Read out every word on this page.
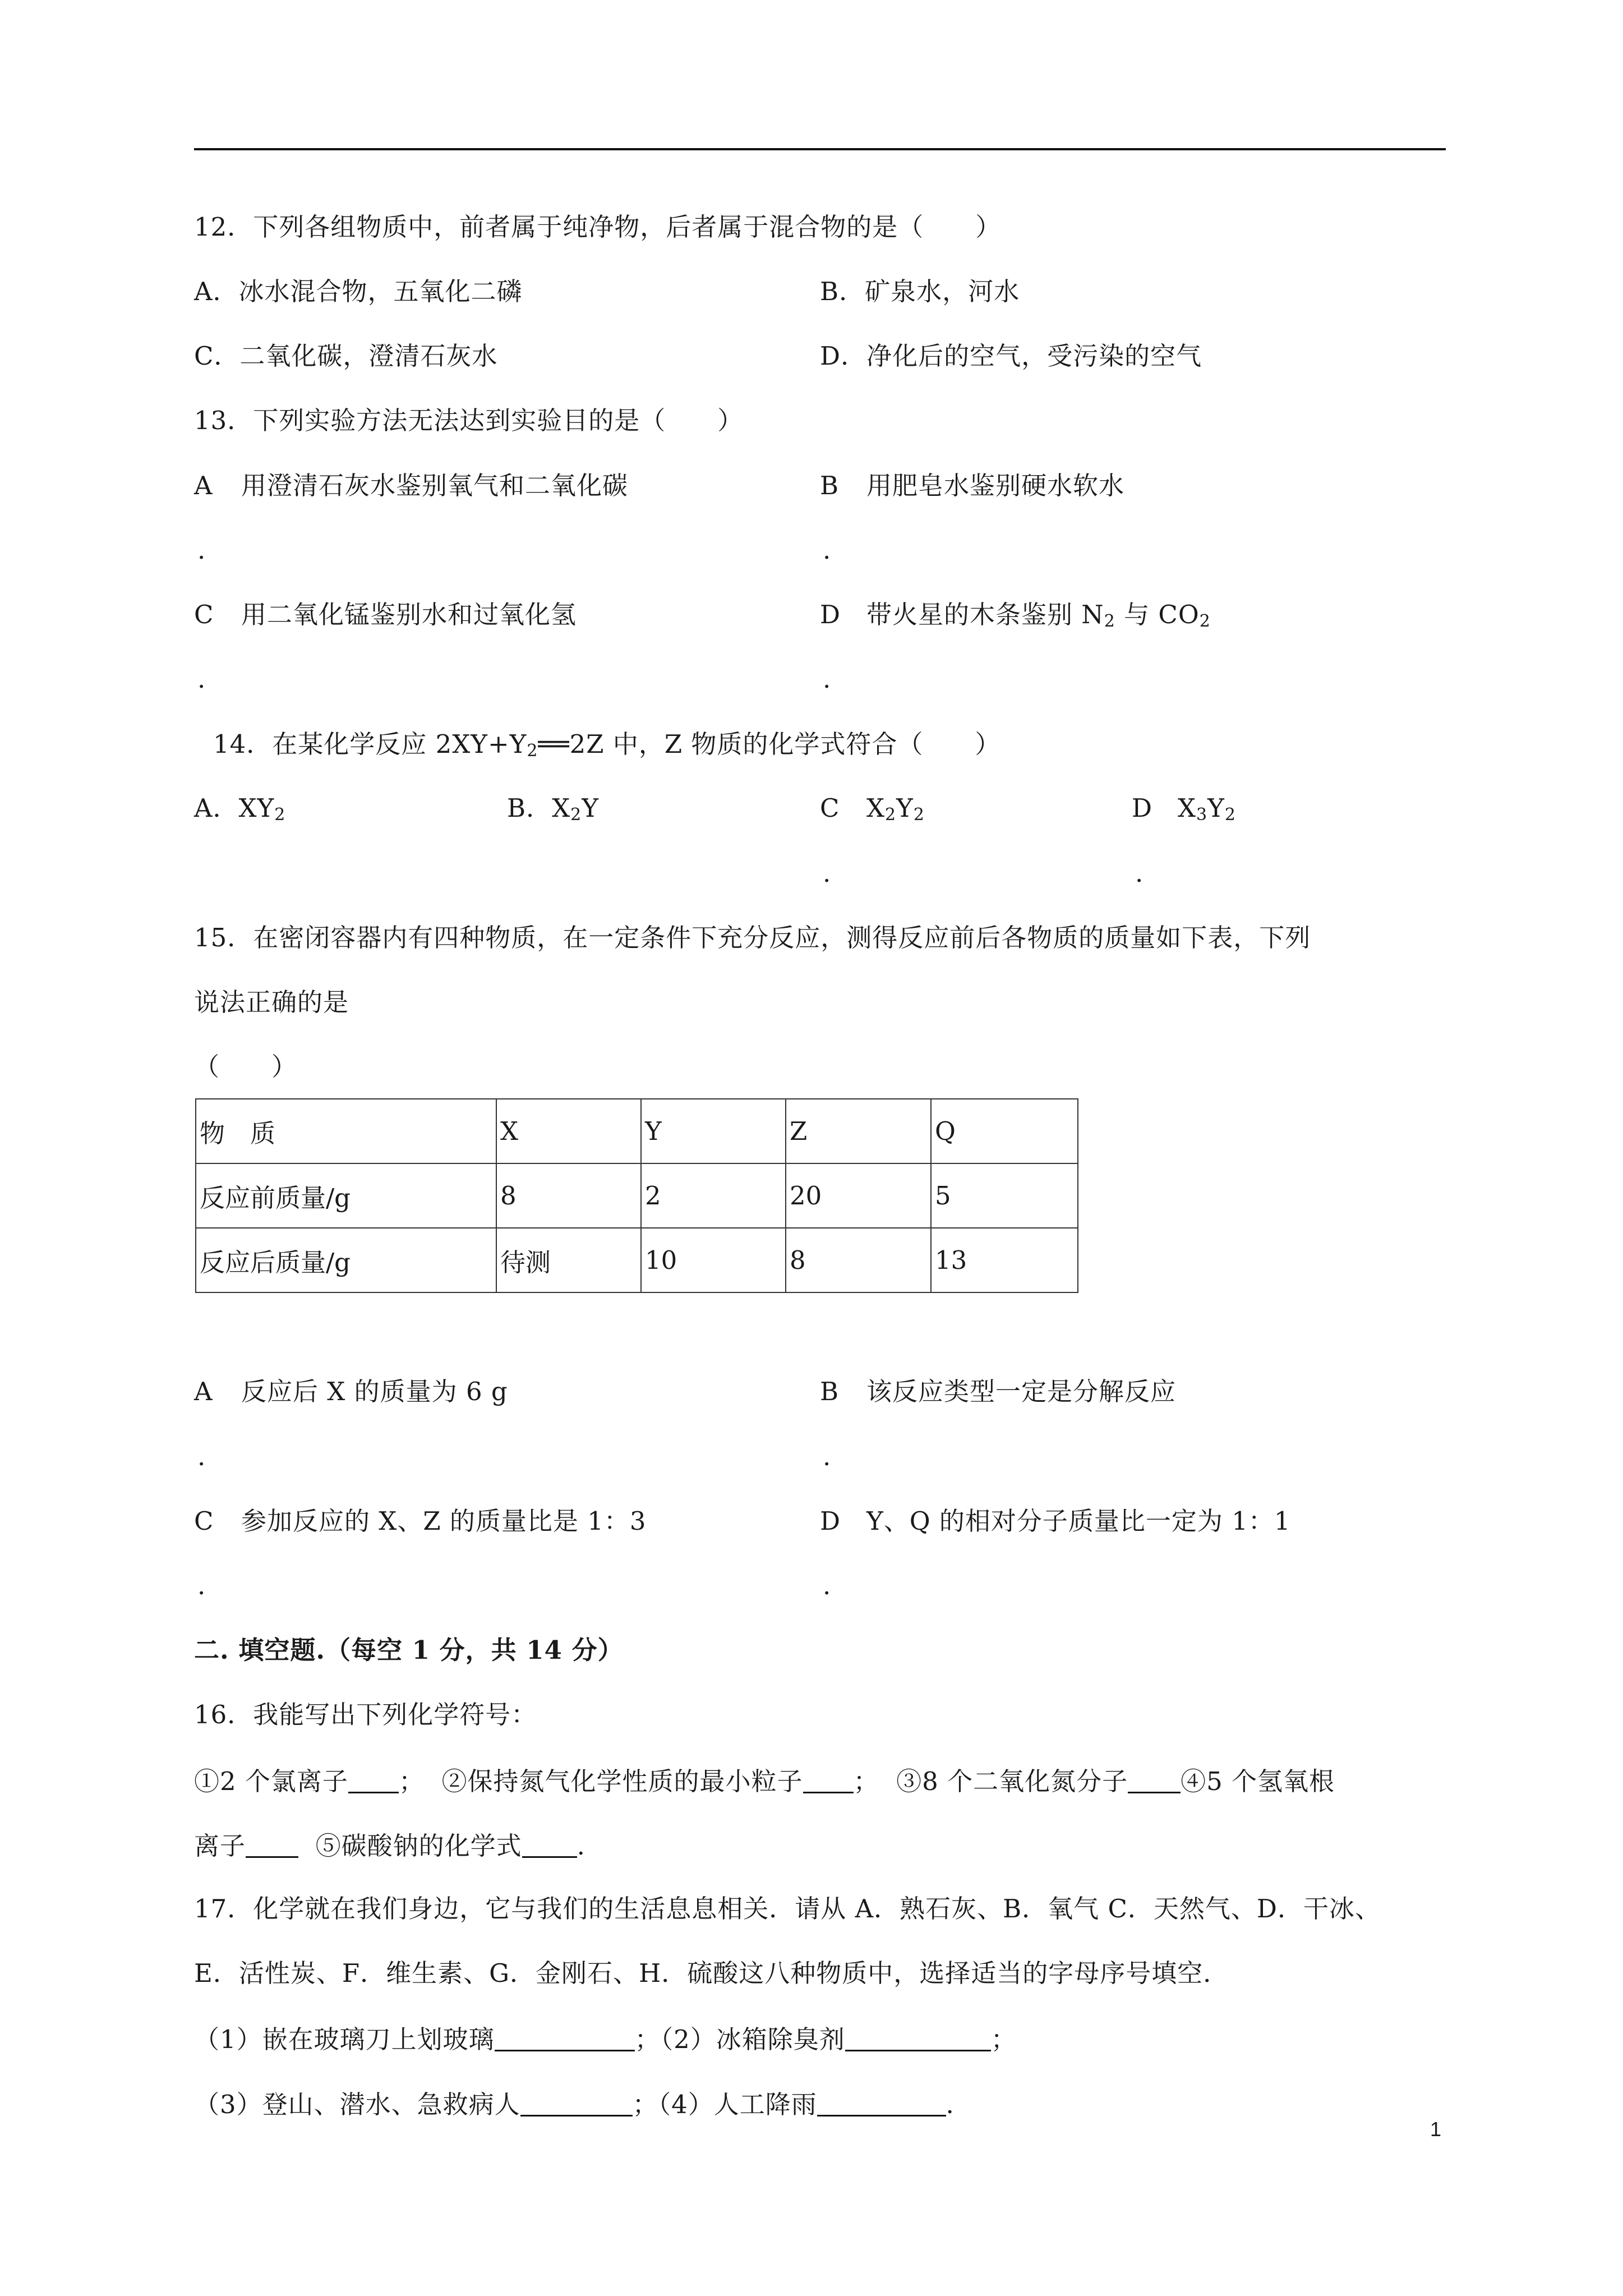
12．下列各组物质中，前者属于纯净物，后者属于混合物的是（　　）
A．冰水混合物，五氧化二磷	B．矿泉水，河水
C．二氧化碳，澄清石灰水	D．净化后的空气，受污染的空气
13．下列实验方法无法达到实验目的是（　　）
A 用澄清石灰水鉴别氧气和二氧化碳	B 用肥皂水鉴别硬水软水
.	.
C 用二氧化锰鉴别水和过氧化氢	D 带火星的木条鉴别 $N_2$ 与 $CO_2$
.	.
14．在某化学反应 $2XY+Y_2══2Z$ 中，Z 物质的化学式符合（　　）
A．$XY_2$	B．$X_2Y$	C $X_2Y_2$	D $X_3Y_2$
.	.
15．在密闭容器内有四种物质，在一定条件下充分反应，测得反应前后各物质的质量如下表，下列
说法正确的是
（　　）
物　质	X	Y	Z	Q
反应前质量/g	8	2	20	5
反应后质量/g	待测	10	8	13
A 反应后 X 的质量为 6 g	B 该反应类型一定是分解反应
.	.
C 参加反应的 X、Z 的质量比是 1：3	D Y、Q 的相对分子质量比一定为 1：1
.	.
二. 填空题.（每空 1 分，共 14 分）
16．我能写出下列化学符号：
①2 个氯离子 ；  ②保持氮气化学性质的最小粒子 ；  ③8 个二氧化氮分子 ④5 个氢氧根
离子  ⑤碳酸钠的化学式 .
17．化学就在我们身边，它与我们的生活息息相关．请从 A．熟石灰、B．氧气 C．天然气、D．干冰、
E．活性炭、F．维生素、G．金刚石、H．硫酸这八种物质中，选择适当的字母序号填空．
（1）嵌在玻璃刀上划玻璃	；（2）冰箱除臭剂	；
（3）登山、潜水、急救病人	；（4）人工降雨	．
1
